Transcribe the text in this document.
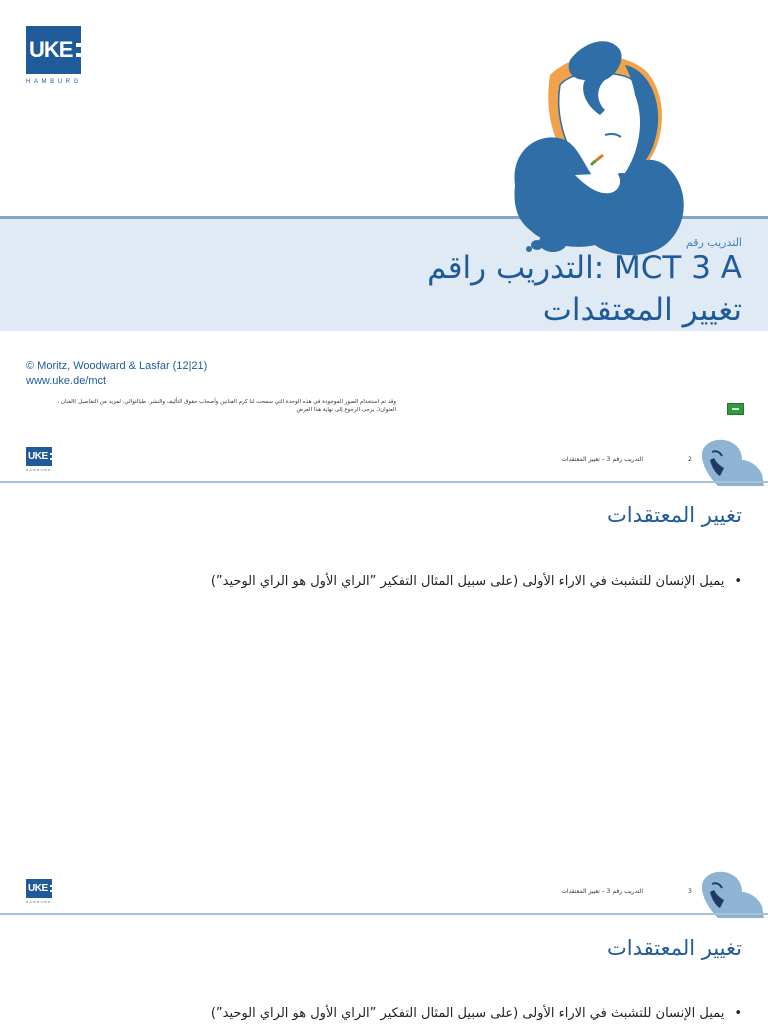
UKE
HAMBURG
التدريب رقم
التدريب راقم: MCT 3 A
تغيير المعتقدات
© Moritz, Woodward & Lasfar (12|21)
www.uke.de/mct
وقد تم استخدام الصور الموجودة في هذه الوحدة التي سمحت لنا كرم الفنانين وأصحاب حقوق التأليف والنشر. طبالتوالي. لمزيد من التفاصيل )الفنان ، العنوان(، يرجى الرجوع إلى نهاية هذا العرض
UKE
HAMBURG
التدريب رقم 3 – تغيير المعتقدات	2
تغيير المعتقدات
• يميل الإنسان للتشبث في الاراء الأولى (على سبيل المثال التفكير ”الراي الأول هو الراي الوحيد”)
UKE
HAMBURG
التدريب رقم 3 – تغيير المعتقدات	3
تغيير المعتقدات
• يميل الإنسان للتشبث في الاراء الأولى (على سبيل المثال التفكير ”الراي الأول هو الراي الوحيد”)
